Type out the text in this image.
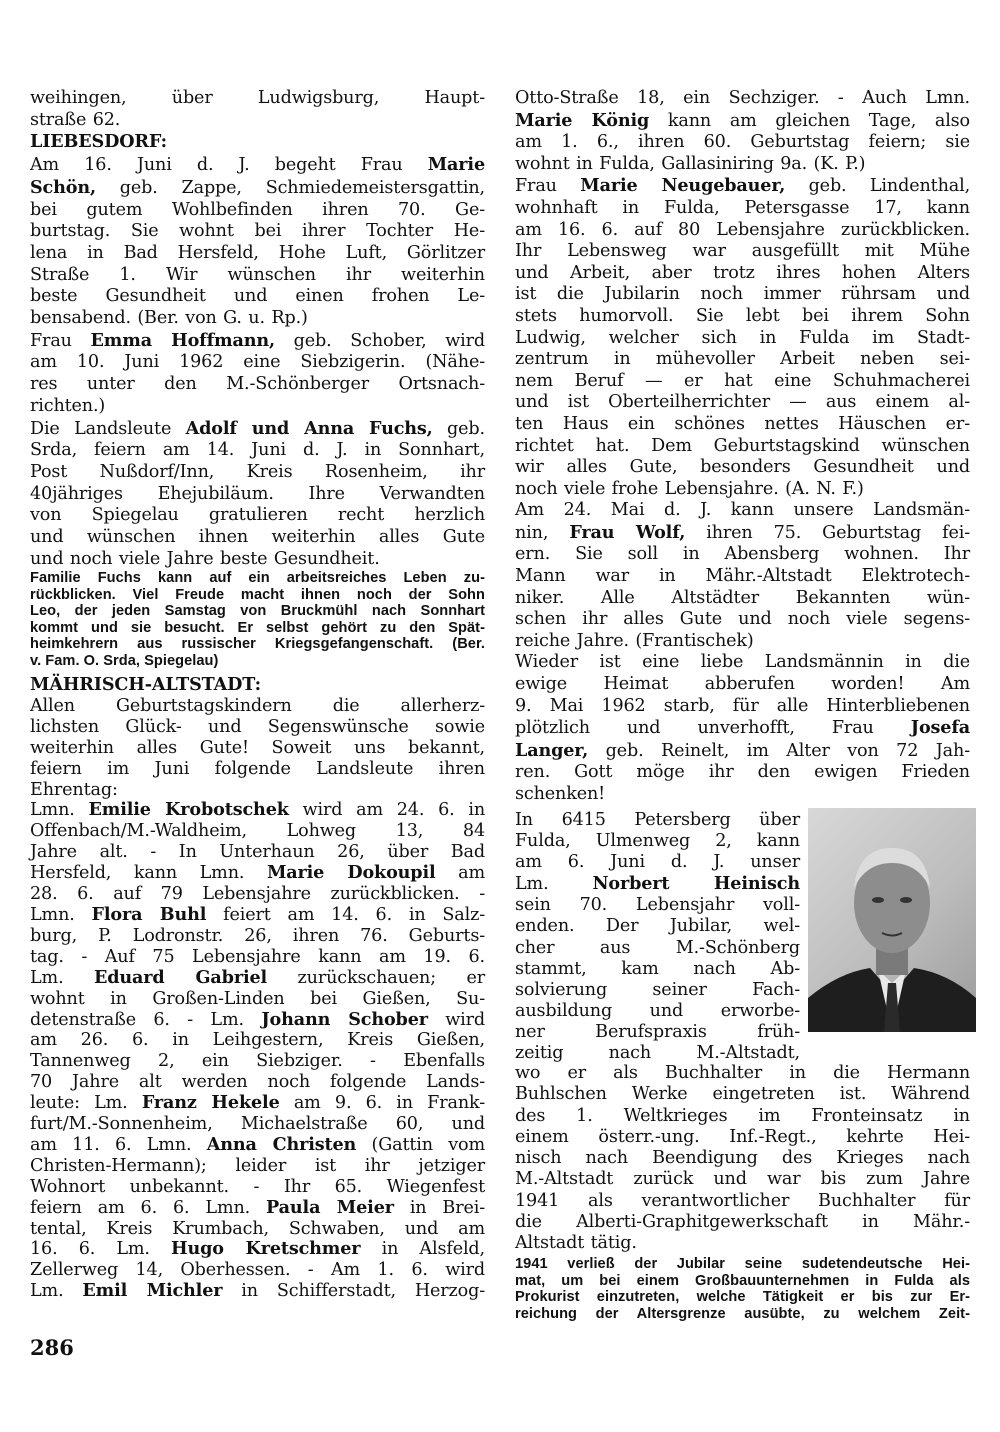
weihingen, über Ludwigsburg, Haupt-
straße 62.
LIEBESDORF:
Am 16. Juni d. J. begeht Frau Marie
Schön, geb. Zappe, Schmiedemeistersgattin,
bei gutem Wohlbefinden ihren 70. Ge-
burtstag. Sie wohnt bei ihrer Tochter He-
lena in Bad Hersfeld, Hohe Luft, Görlitzer
Straße 1. Wir wünschen ihr weiterhin
beste Gesundheit und einen frohen Le-
bensabend. (Ber. von G. u. Rp.)
Frau Emma Hoffmann, geb. Schober, wird
am 10. Juni 1962 eine Siebzigerin. (Nähe-
res unter den M.-Schönberger Ortsnach-
richten.)
Die Landsleute Adolf und Anna Fuchs, geb.
Srda, feiern am 14. Juni d. J. in Sonnhart,
Post Nußdorf/Inn, Kreis Rosenheim, ihr
40jähriges Ehejubiläum. Ihre Verwandten
von Spiegelau gratulieren recht herzlich
und wünschen ihnen weiterhin alles Gute
und noch viele Jahre beste Gesundheit.
Familie Fuchs kann auf ein arbeitsreiches Leben zu-
rückblicken. Viel Freude macht ihnen noch der Sohn
Leo, der jeden Samstag von Bruckmühl nach Sonnhart
kommt und sie besucht. Er selbst gehört zu den Spät-
heimkehrern aus russischer Kriegsgefangenschaft. (Ber.
v. Fam. O. Srda, Spiegelau)
MÄHRISCH-ALTSTADT:
Allen Geburtstagskindern die allerherz-
lichsten Glück- und Segenswünsche sowie
weiterhin alles Gute! Soweit uns bekannt,
feiern im Juni folgende Landsleute ihren
Ehrentag:
Lmn. Emilie Krobotschek wird am 24. 6. in
Offenbach/M.-Waldheim, Lohweg 13, 84
Jahre alt. - In Unterhaun 26, über Bad
Hersfeld, kann Lmn. Marie Dokoupil am
28. 6. auf 79 Lebensjahre zurückblicken. -
Lmn. Flora Buhl feiert am 14. 6. in Salz-
burg, P. Lodronstr. 26, ihren 76. Geburts-
tag. - Auf 75 Lebensjahre kann am 19. 6.
Lm. Eduard Gabriel zurückschauen; er
wohnt in Großen-Linden bei Gießen, Su-
detenstraße 6. - Lm. Johann Schober wird
am 26. 6. in Leihgestern, Kreis Gießen,
Tannenweg 2, ein Siebziger. - Ebenfalls
70 Jahre alt werden noch folgende Lands-
leute: Lm. Franz Hekele am 9. 6. in Frank-
furt/M.-Sonnenheim, Michaelstraße 60, und
am 11. 6. Lmn. Anna Christen (Gattin vom
Christen-Hermann); leider ist ihr jetziger
Wohnort unbekannt. - Ihr 65. Wiegenfest
feiern am 6. 6. Lmn. Paula Meier in Brei-
tental, Kreis Krumbach, Schwaben, und am
16. 6. Lm. Hugo Kretschmer in Alsfeld,
Zellerweg 14, Oberhessen. - Am 1. 6. wird
Lm. Emil Michler in Schifferstadt, Herzog-
Otto-Straße 18, ein Sechziger. - Auch Lmn.
Marie König kann am gleichen Tage, also
am 1. 6., ihren 60. Geburtstag feiern; sie
wohnt in Fulda, Gallasiniring 9a. (K. P.)
Frau Marie Neugebauer, geb. Lindenthal,
wohnhaft in Fulda, Petersgasse 17, kann
am 16. 6. auf 80 Lebensjahre zurückblicken.
Ihr Lebensweg war ausgefüllt mit Mühe
und Arbeit, aber trotz ihres hohen Alters
ist die Jubilarin noch immer rührsam und
stets humorvoll. Sie lebt bei ihrem Sohn
Ludwig, welcher sich in Fulda im Stadt-
zentrum in mühevoller Arbeit neben sei-
nem Beruf — er hat eine Schuhmacherei
und ist Oberteilherrichter — aus einem al-
ten Haus ein schönes nettes Häuschen er-
richtet hat. Dem Geburtstagskind wünschen
wir alles Gute, besonders Gesundheit und
noch viele frohe Lebensjahre. (A. N. F.)
Am 24. Mai d. J. kann unsere Landsmän-
nin, Frau Wolf, ihren 75. Geburtstag fei-
ern. Sie soll in Abensberg wohnen. Ihr
Mann war in Mähr.-Altstadt Elektrotech-
niker. Alle Altstädter Bekannten wün-
schen ihr alles Gute und noch viele segens-
reiche Jahre. (Frantischek)
Wieder ist eine liebe Landsmännin in die
ewige Heimat abberufen worden! Am
9. Mai 1962 starb, für alle Hinterbliebenen
plötzlich und unverhofft, Frau Josefa
Langer, geb. Reinelt, im Alter von 72 Jah-
ren. Gott möge ihr den ewigen Frieden
schenken!
In 6415 Petersberg über
Fulda, Ulmenweg 2, kann
am 6. Juni d. J. unser
Lm. Norbert Heinisch
sein 70. Lebensjahr voll-
enden. Der Jubilar, wel-
cher aus M.-Schönberg
stammt, kam nach Ab-
solvierung seiner Fach-
ausbildung und erworbe-
ner Berufspraxis früh-
zeitig nach M.-Altstadt,
wo er als Buchhalter in die Hermann
Buhlschen Werke eingetreten ist. Während
des 1. Weltkrieges im Fronteinsatz in
einem österr.-ung. Inf.-Regt., kehrte Hei-
nisch nach Beendigung des Krieges nach
M.-Altstadt zurück und war bis zum Jahre
1941 als verantwortlicher Buchhalter für
die Alberti-Graphitgewerkschaft in Mähr.-
Altstadt tätig.
1941 verließ der Jubilar seine sudetendeutsche Hei-
mat, um bei einem Großbauunternehmen in Fulda als
Prokurist einzutreten, welche Tätigkeit er bis zur Er-
reichung der Altersgrenze ausübte, zu welchem Zeit-
286
